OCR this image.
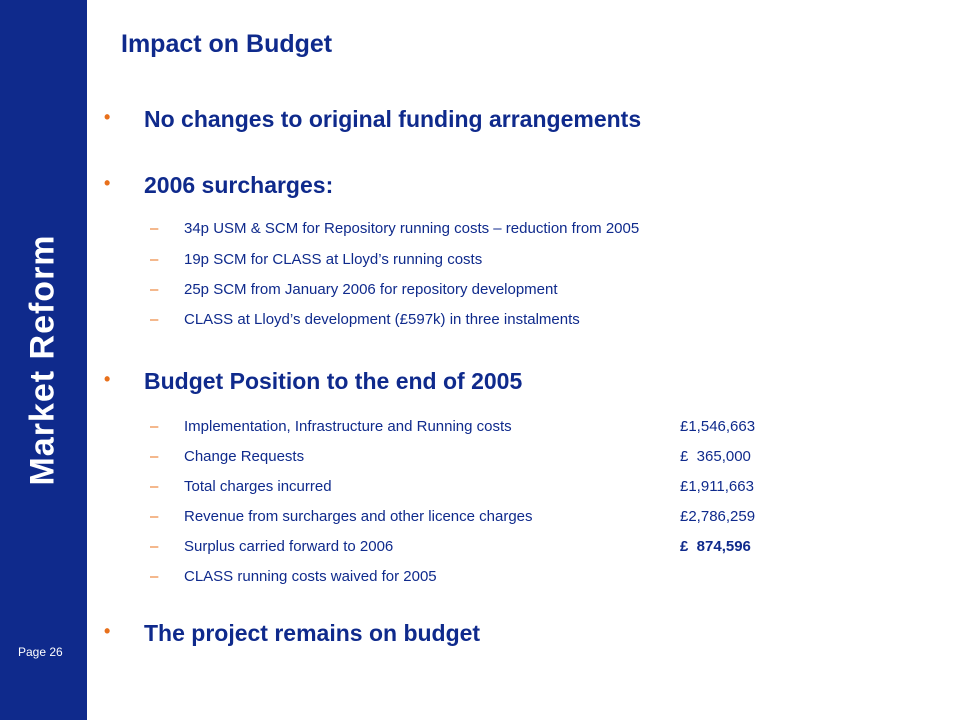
Market Reform
Page 26
Impact on Budget
• No changes to original funding arrangements
• 2006 surcharges:
– 34p USM & SCM for Repository running costs – reduction from 2005
– 19p SCM for CLASS at Lloyd’s running costs
– 25p SCM from January 2006 for repository development
– CLASS at Lloyd’s development (£597k) in three instalments
• Budget Position to the end of 2005
– Implementation, Infrastructure and Running costs	£1,546,663
– Change Requests	£  365,000
– Total charges incurred	£1,911,663
– Revenue from surcharges and other licence charges	£2,786,259
– Surplus carried forward to 2006	£  874,596
– CLASS running costs waived for 2005
• The project remains on budget
